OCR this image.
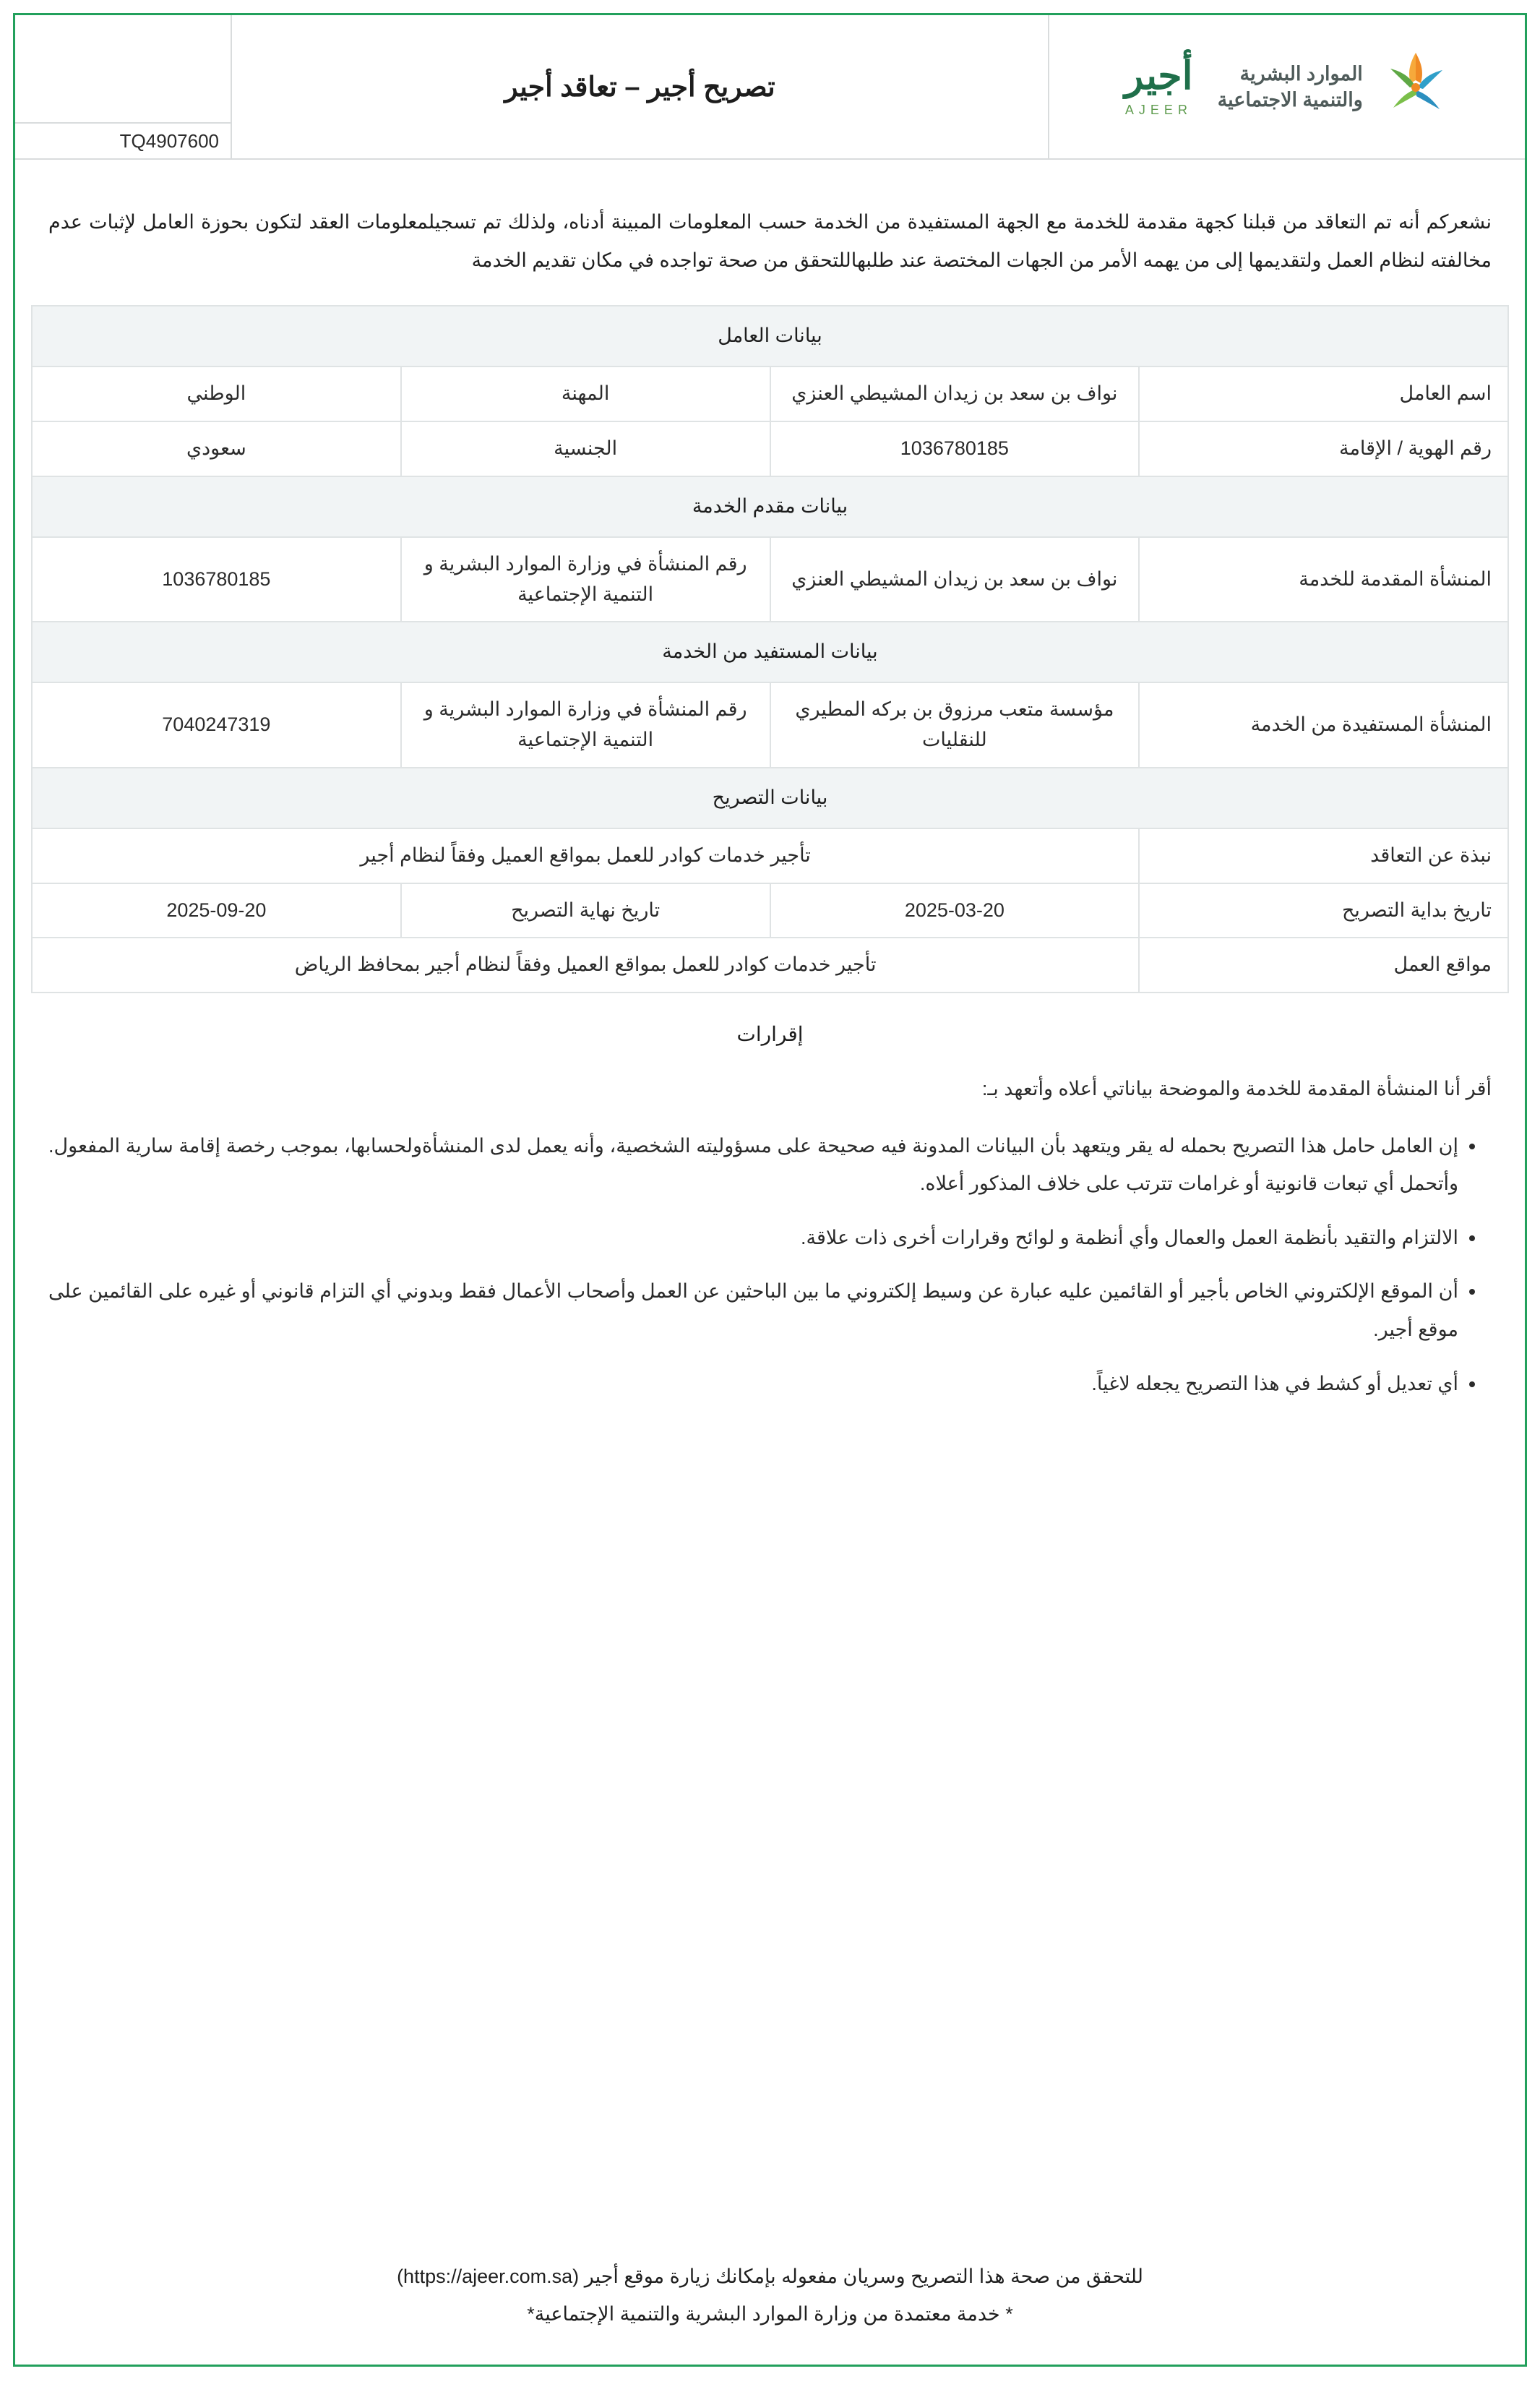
الموارد البشرية
والتنمية الاجتماعية
أجير
AJEER
تصريح أجير – تعاقد أجير
TQ4907600
نشعركم أنه تم التعاقد من قبلنا كجهة مقدمة للخدمة مع الجهة المستفيدة من الخدمة حسب المعلومات المبينة أدناه، ولذلك تم تسجيلمعلومات العقد لتكون بحوزة العامل لإثبات عدم مخالفته لنظام العمل ولتقديمها إلى من يهمه الأمر من الجهات المختصة عند طلبهاللتحقق من صحة تواجده في مكان تقديم الخدمة
بيانات العامل			
اسم العامل	نواف بن سعد بن زيدان المشيطي العنزي	المهنة	الوطني
رقم الهوية / الإقامة	1036780185	الجنسية	سعودي
بيانات مقدم الخدمة			
المنشأة المقدمة للخدمة	نواف بن سعد بن زيدان المشيطي العنزي	رقم المنشأة في وزارة الموارد البشرية و التنمية الإجتماعية	1036780185
بيانات المستفيد من الخدمة			
المنشأة المستفيدة من الخدمة	مؤسسة متعب مرزوق بن بركه المطيري للنقليات	رقم المنشأة في وزارة الموارد البشرية و التنمية الإجتماعية	7040247319
بيانات التصريح			
نبذة عن التعاقد	تأجير خدمات كوادر للعمل بمواقع العميل وفقاً لنظام أجير		
تاريخ بداية التصريح	2025-03-20	تاريخ نهاية التصريح	2025-09-20
مواقع العمل	تأجير خدمات كوادر للعمل بمواقع العميل وفقاً لنظام أجير بمحافظ الرياض		
إقرارات
أقر أنا المنشأة المقدمة للخدمة والموضحة بياناتي أعلاه وأتعهد بـ:
• إن العامل حامل هذا التصريح بحمله له يقر ويتعهد بأن البيانات المدونة فيه صحيحة على مسؤوليته الشخصية، وأنه يعمل لدى المنشأةولحسابها، بموجب رخصة إقامة سارية المفعول. وأتحمل أي تبعات قانونية أو غرامات تترتب على خلاف المذكور أعلاه.
• الالتزام والتقيد بأنظمة العمل والعمال وأي أنظمة و لوائح وقرارات أخرى ذات علاقة.
• أن الموقع الإلكتروني الخاص بأجير أو القائمين عليه عبارة عن وسيط إلكتروني ما بين الباحثين عن العمل وأصحاب الأعمال فقط وبدوني أي التزام قانوني أو غيره على القائمين على موقع أجير.
• أي تعديل أو كشط في هذا التصريح يجعله لاغياً.
للتحقق من صحة هذا التصريح وسريان مفعوله بإمكانك زيارة موقع أجير (https://ajeer.com.sa)
* خدمة معتمدة من وزارة الموارد البشرية والتنمية الإجتماعية*
